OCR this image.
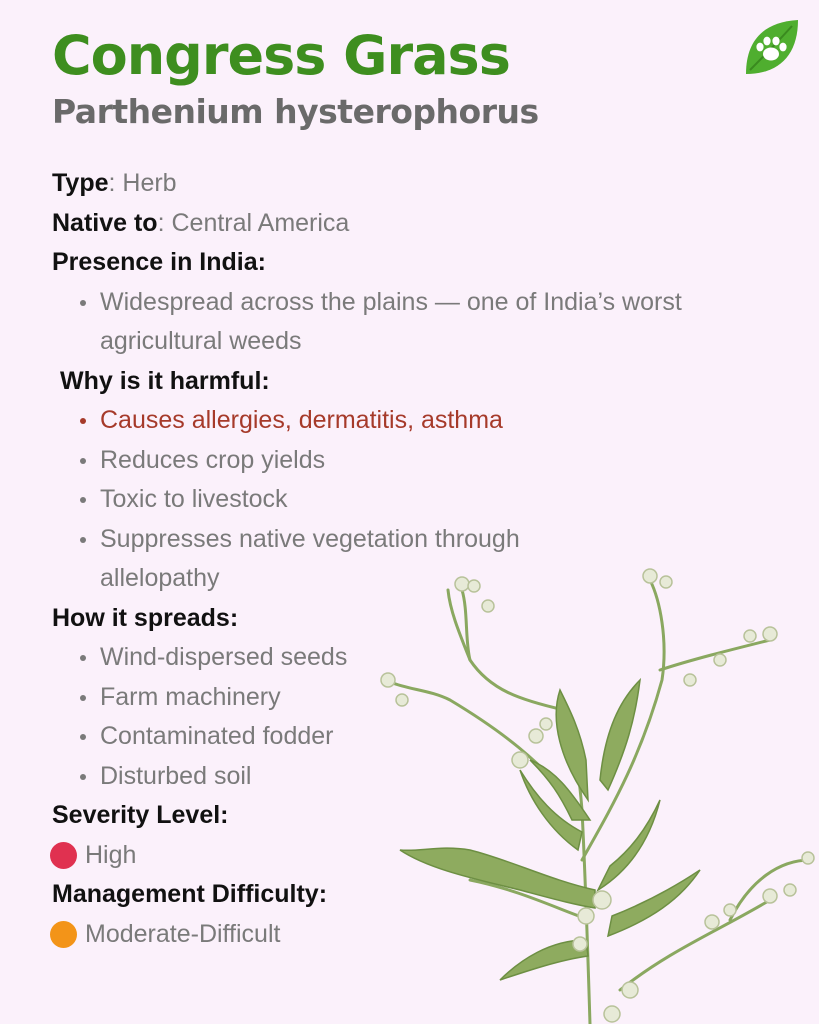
Congress Grass
Parthenium hysterophorus

Type: Herb

Native to: Central America

Presence in India:

Widespread across the plains — one of India’s worst agricultural weeds

Why is it harmful:

Causes allergies, dermatitis, asthma
Reduces crop yields
Toxic to livestock
Suppresses native vegetation through allelopathy

How it spreads:

Wind-dispersed seeds
Farm machinery
Contaminated fodder
Disturbed soil

Severity Level:

High

Management Difficulty:

Moderate-Difficult
